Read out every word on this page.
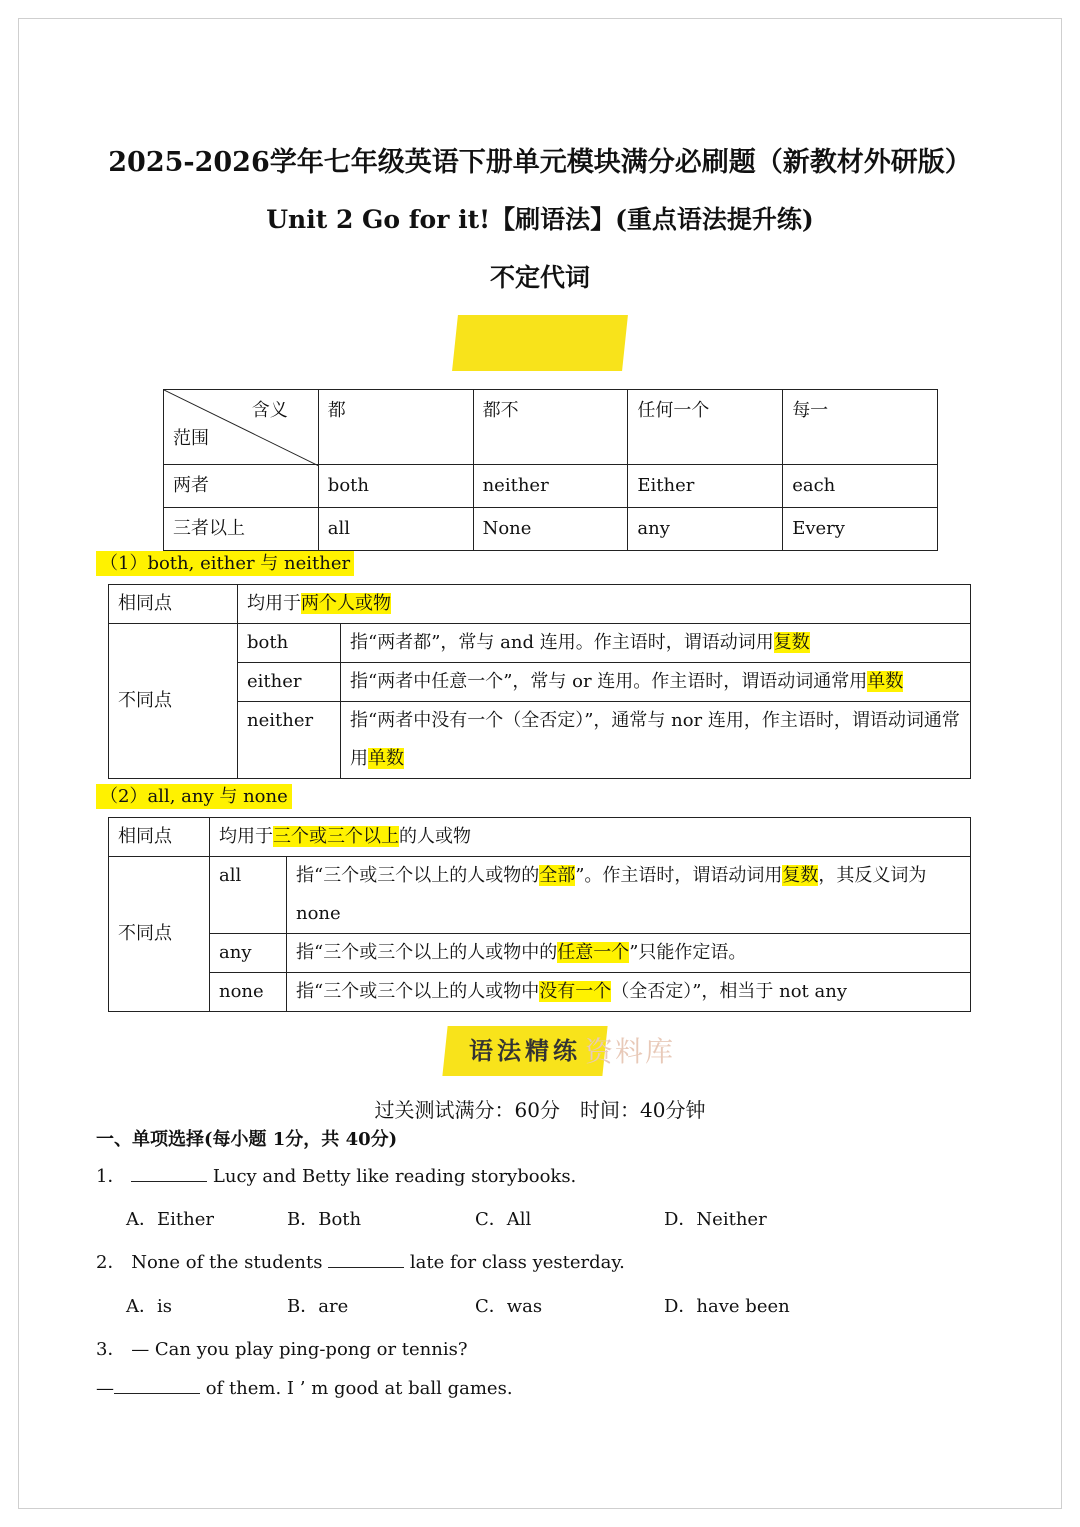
2025-2026学年七年级英语下册单元模块满分必刷题（新教材外研版）
Unit 2 Go for it!【刷语法】(重点语法提升练)
不定代词
含义
范围	都	都不	任何一个	每一
两者	both	neither	Either	each
三者以上	all	None	any	Every
（1）both, either 与 neither
相同点	均用于两个人或物	
不同点	both	指“两者都”，常与 and 连用。作主语时，谓语动词用复数
	either	指“两者中任意一个”，常与 or 连用。作主语时，谓语动词通常用单数
	neither	指“两者中没有一个（全否定）”，通常与 nor 连用，作主语时，谓语动词通常用单数
（2）all, any 与 none
相同点	均用于三个或三个以上的人或物	
不同点	all	指“三个或三个以上的人或物的全部”。作主语时，谓语动词用复数，其反义词为 none
	any	指“三个或三个以上的人或物中的任意一个”只能作定语。
	none	指“三个或三个以上的人或物中没有一个（全否定）”，相当于 not any
语法精练 资料库
过关测试满分：60分　时间：40分钟
一、单项选择(每小题 1分，共 40分)
1．	Lucy and Betty like reading storybooks.
A．Either	B．Both	C．All	D．Neither
2． None of the students	late for class yesterday.
A．is	B．are	C．was	D．have been
3． — Can you play ping-pong or tennis?
—	of them. I ’ m good at ball games.
